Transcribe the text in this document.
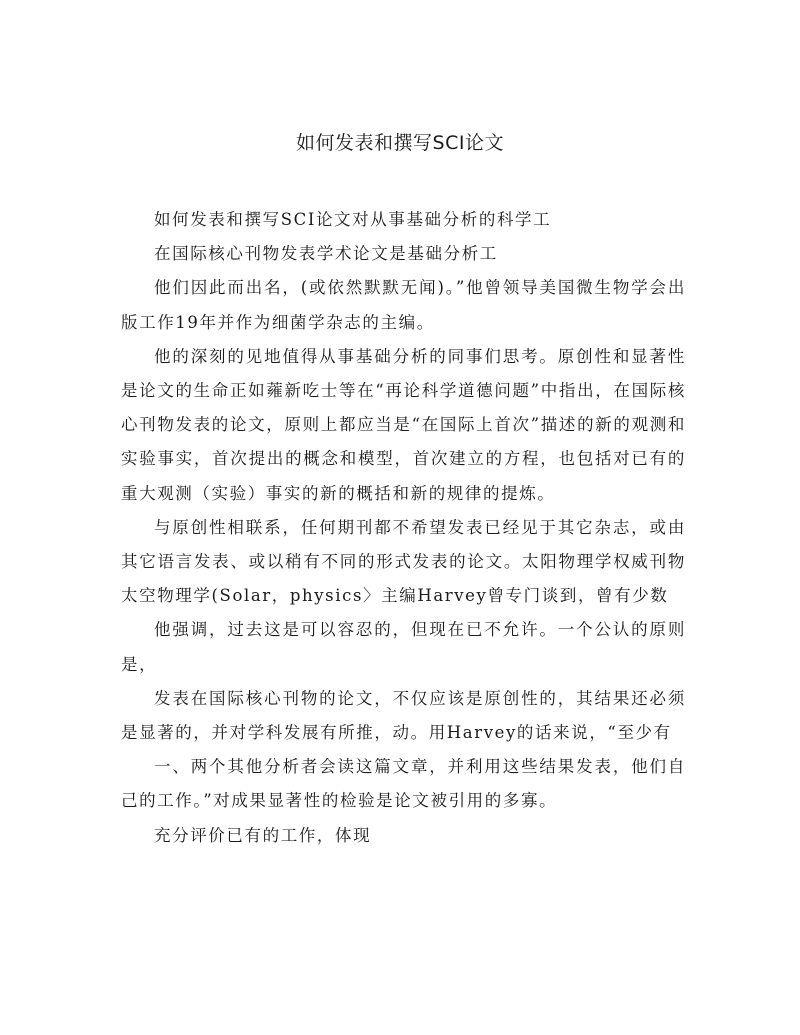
如何发表和撰写SCI论文

如何发表和撰写SCI论文对从事基础分析的科学工

在国际核心刊物发表学术论文是基础分析工

他们因此而出名，(或依然默默无闻)。”他曾领导美国微生物学会出版工作19年并作为细菌学杂志的主编。

他的深刻的见地值得从事基础分析的同事们思考。原创性和显著性是论文的生命正如蕹新吃士等在“再论科学道德问题”中指出，在国际核心刊物发表的论文，原则上都应当是“在国际上首次”描述的新的观测和实验事实，首次提出的概念和模型，首次建立的方程，也包括对已有的重大观测（实验）事实的新的概括和新的规律的提炼。

与原创性相联系，任何期刊都不希望发表已经见于其它杂志，或由其它语言发表、或以稍有不同的形式发表的论文。太阳物理学权威刊物太空物理学(Solar，physics〉主编Harvey曾专门谈到，曾有少数

他强调，过去这是可以容忍的，但现在已不允许。一个公认的原则是，

发表在国际核心刊物的论文，不仅应该是原创性的，其结果还必须是显著的，并对学科发展有所推，动。用Harvey的话来说，“至少有

一、两个其他分析者会读这篇文章，并利用这些结果发表，他们自己的工作。”对成果显著性的检验是论文被引用的多寡。

充分评价已有的工作，体现
